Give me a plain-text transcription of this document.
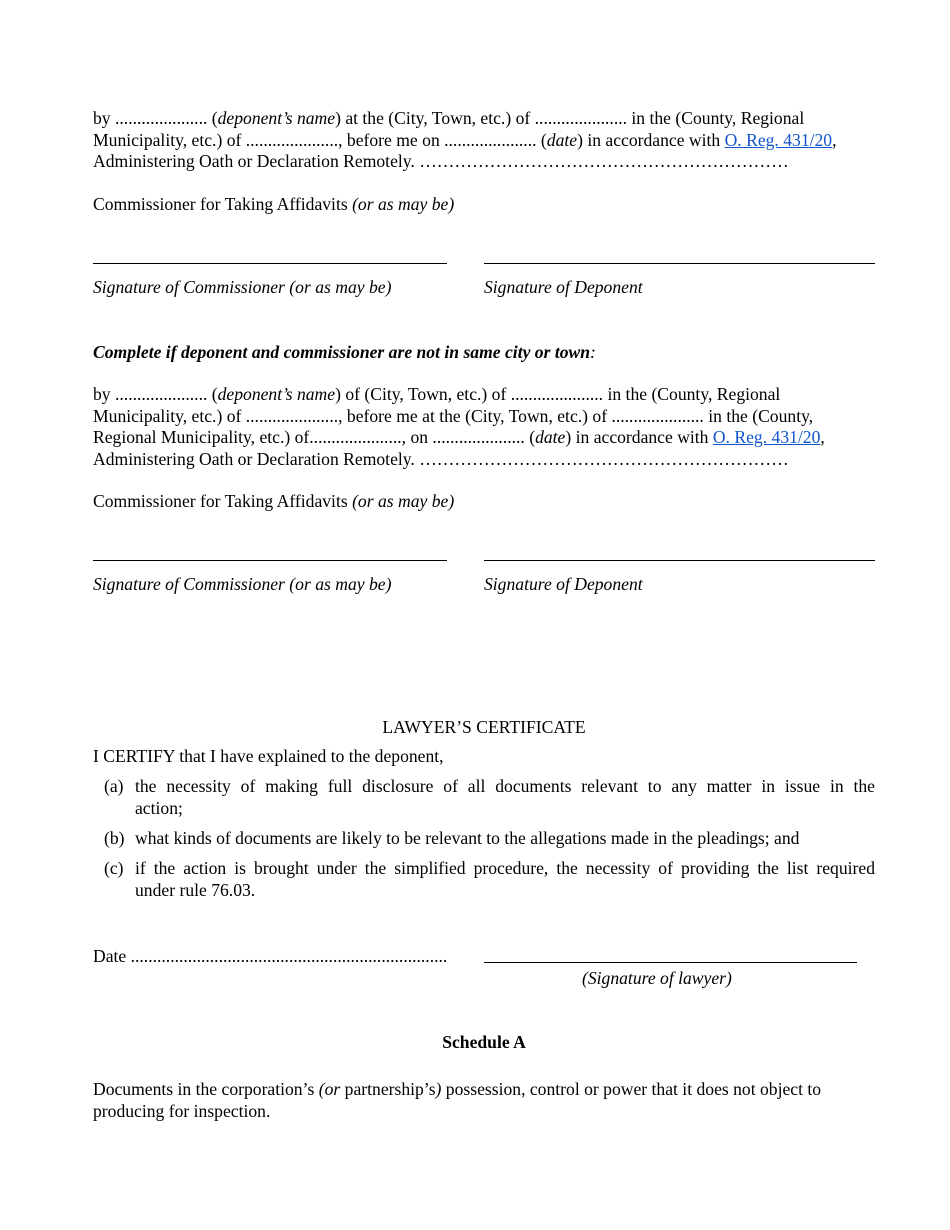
by ..................... (deponent’s name) at the (City, Town, etc.) of ..................... in the (County, Regional
Municipality, etc.) of ....................., before me on ..................... (date) in accordance with O. Reg. 431/20,
Administering Oath or Declaration Remotely. ………………………………………………………
Commissioner for Taking Affidavits (or as may be)
Signature of Commissioner (or as may be)	Signature of Deponent
Complete if deponent and commissioner are not in same city or town:
by ..................... (deponent’s name) of (City, Town, etc.) of ..................... in the (County, Regional
Municipality, etc.) of ....................., before me at the (City, Town, etc.) of ..................... in the (County,
Regional Municipality, etc.) of....................., on ..................... (date) in accordance with O. Reg. 431/20,
Administering Oath or Declaration Remotely. ………………………………………………………
Commissioner for Taking Affidavits (or as may be)
Signature of Commissioner (or as may be)	Signature of Deponent
LAWYER’S CERTIFICATE
I CERTIFY that I have explained to the deponent,
(a) the necessity of making full disclosure of all documents relevant to any matter in issue in the
action;
(b) what kinds of documents are likely to be relevant to the allegations made in the pleadings; and
(c) if the action is brought under the simplified procedure, the necessity of providing the list required
under rule 76.03.
Date ........................................................................
(Signature of lawyer)
Schedule A
Documents in the corporation’s (or partnership’s) possession, control or power that it does not object to
producing for inspection.
